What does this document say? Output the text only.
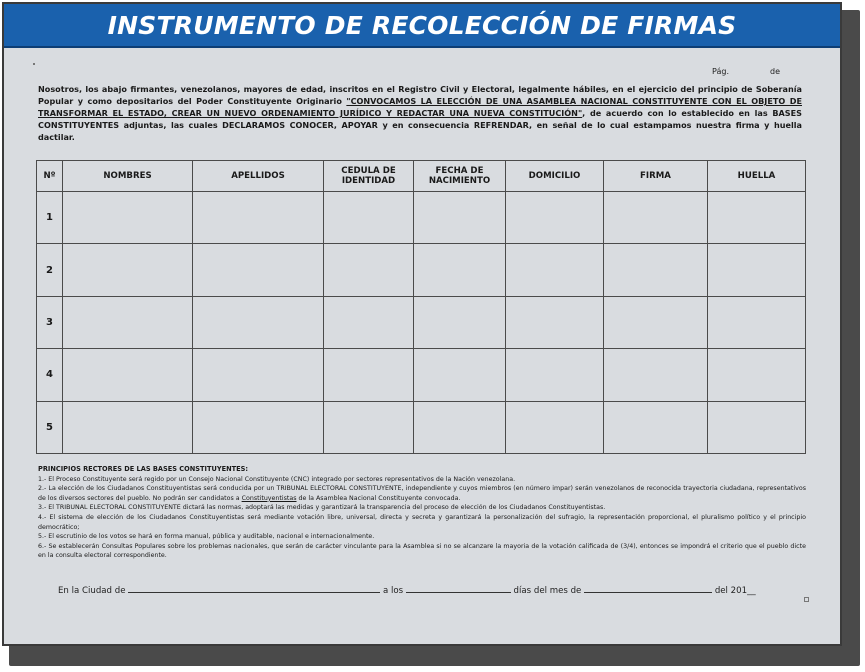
INSTRUMENTO DE RECOLECCIÓN DE FIRMAS
Pág.	de
Nosotros, los abajo firmantes, venezolanos, mayores de edad, inscritos en el Registro Civil y Electoral, legalmente hábiles, en el ejercicio del principio de Soberanía Popular y como depositarios del Poder Constituyente Originario "CONVOCAMOS LA ELECCIÓN DE UNA ASAMBLEA NACIONAL CONSTITUYENTE CON EL OBJETO DE TRANSFORMAR EL ESTADO, CREAR UN NUEVO ORDENAMIENTO JURÍDICO Y REDACTAR UNA NUEVA CONSTITUCIÓN", de acuerdo con lo establecido en las BASES CONSTITUYENTES adjuntas, las cuales DECLARAMOS CONOCER, APOYAR y en consecuencia REFRENDAR, en señal de lo cual estampamos nuestra firma y huella dactilar.
Nº	NOMBRES	APELLIDOS	CEDULA DE IDENTIDAD	FECHA DE NACIMIENTO	DOMICILIO	FIRMA	HUELLA
1							
2							
3							
4							
5							

PRINCIPIOS RECTORES DE LAS BASES CONSTITUYENTES:

1.- El Proceso Constituyente será regido por un Consejo Nacional Constituyente (CNC) integrado por sectores representativos de la Nación venezolana.

2.- La elección de los Ciudadanos Constituyentistas será conducida por un TRIBUNAL ELECTORAL CONSTITUYENTE, independiente y cuyos miembros (en número impar) serán venezolanos de reconocida trayectoria ciudadana, representativos de los diversos sectores del pueblo. No podrán ser candidatos a Constituyentistas de la Asamblea Nacional Constituyente convocada.

3.- El TRIBUNAL ELECTORAL CONSTITUYENTE dictará las normas, adoptará las medidas y garantizará la transparencia del proceso de elección de los Ciudadanos Constituyentistas.

4.- El sistema de elección de los Ciudadanos Constituyentistas será mediante votación libre, universal, directa y secreta y garantizará la personalización del sufragio, la representación proporcional, el pluralismo político y el principio democrático;

5.- El escrutinio de los votos se hará en forma manual, pública y auditable, nacional e internacionalmente.

6.- Se establecerán Consultas Populares sobre los problemas nacionales, que serán de carácter vinculante para la Asamblea si no se alcanzare la mayoria de la votación calificada de (3/4), entonces se impondrá el criterio que el pueblo dicte en la consulta electoral correspondiente.

En la Ciudad de	a los	días del mes de	del 201__
